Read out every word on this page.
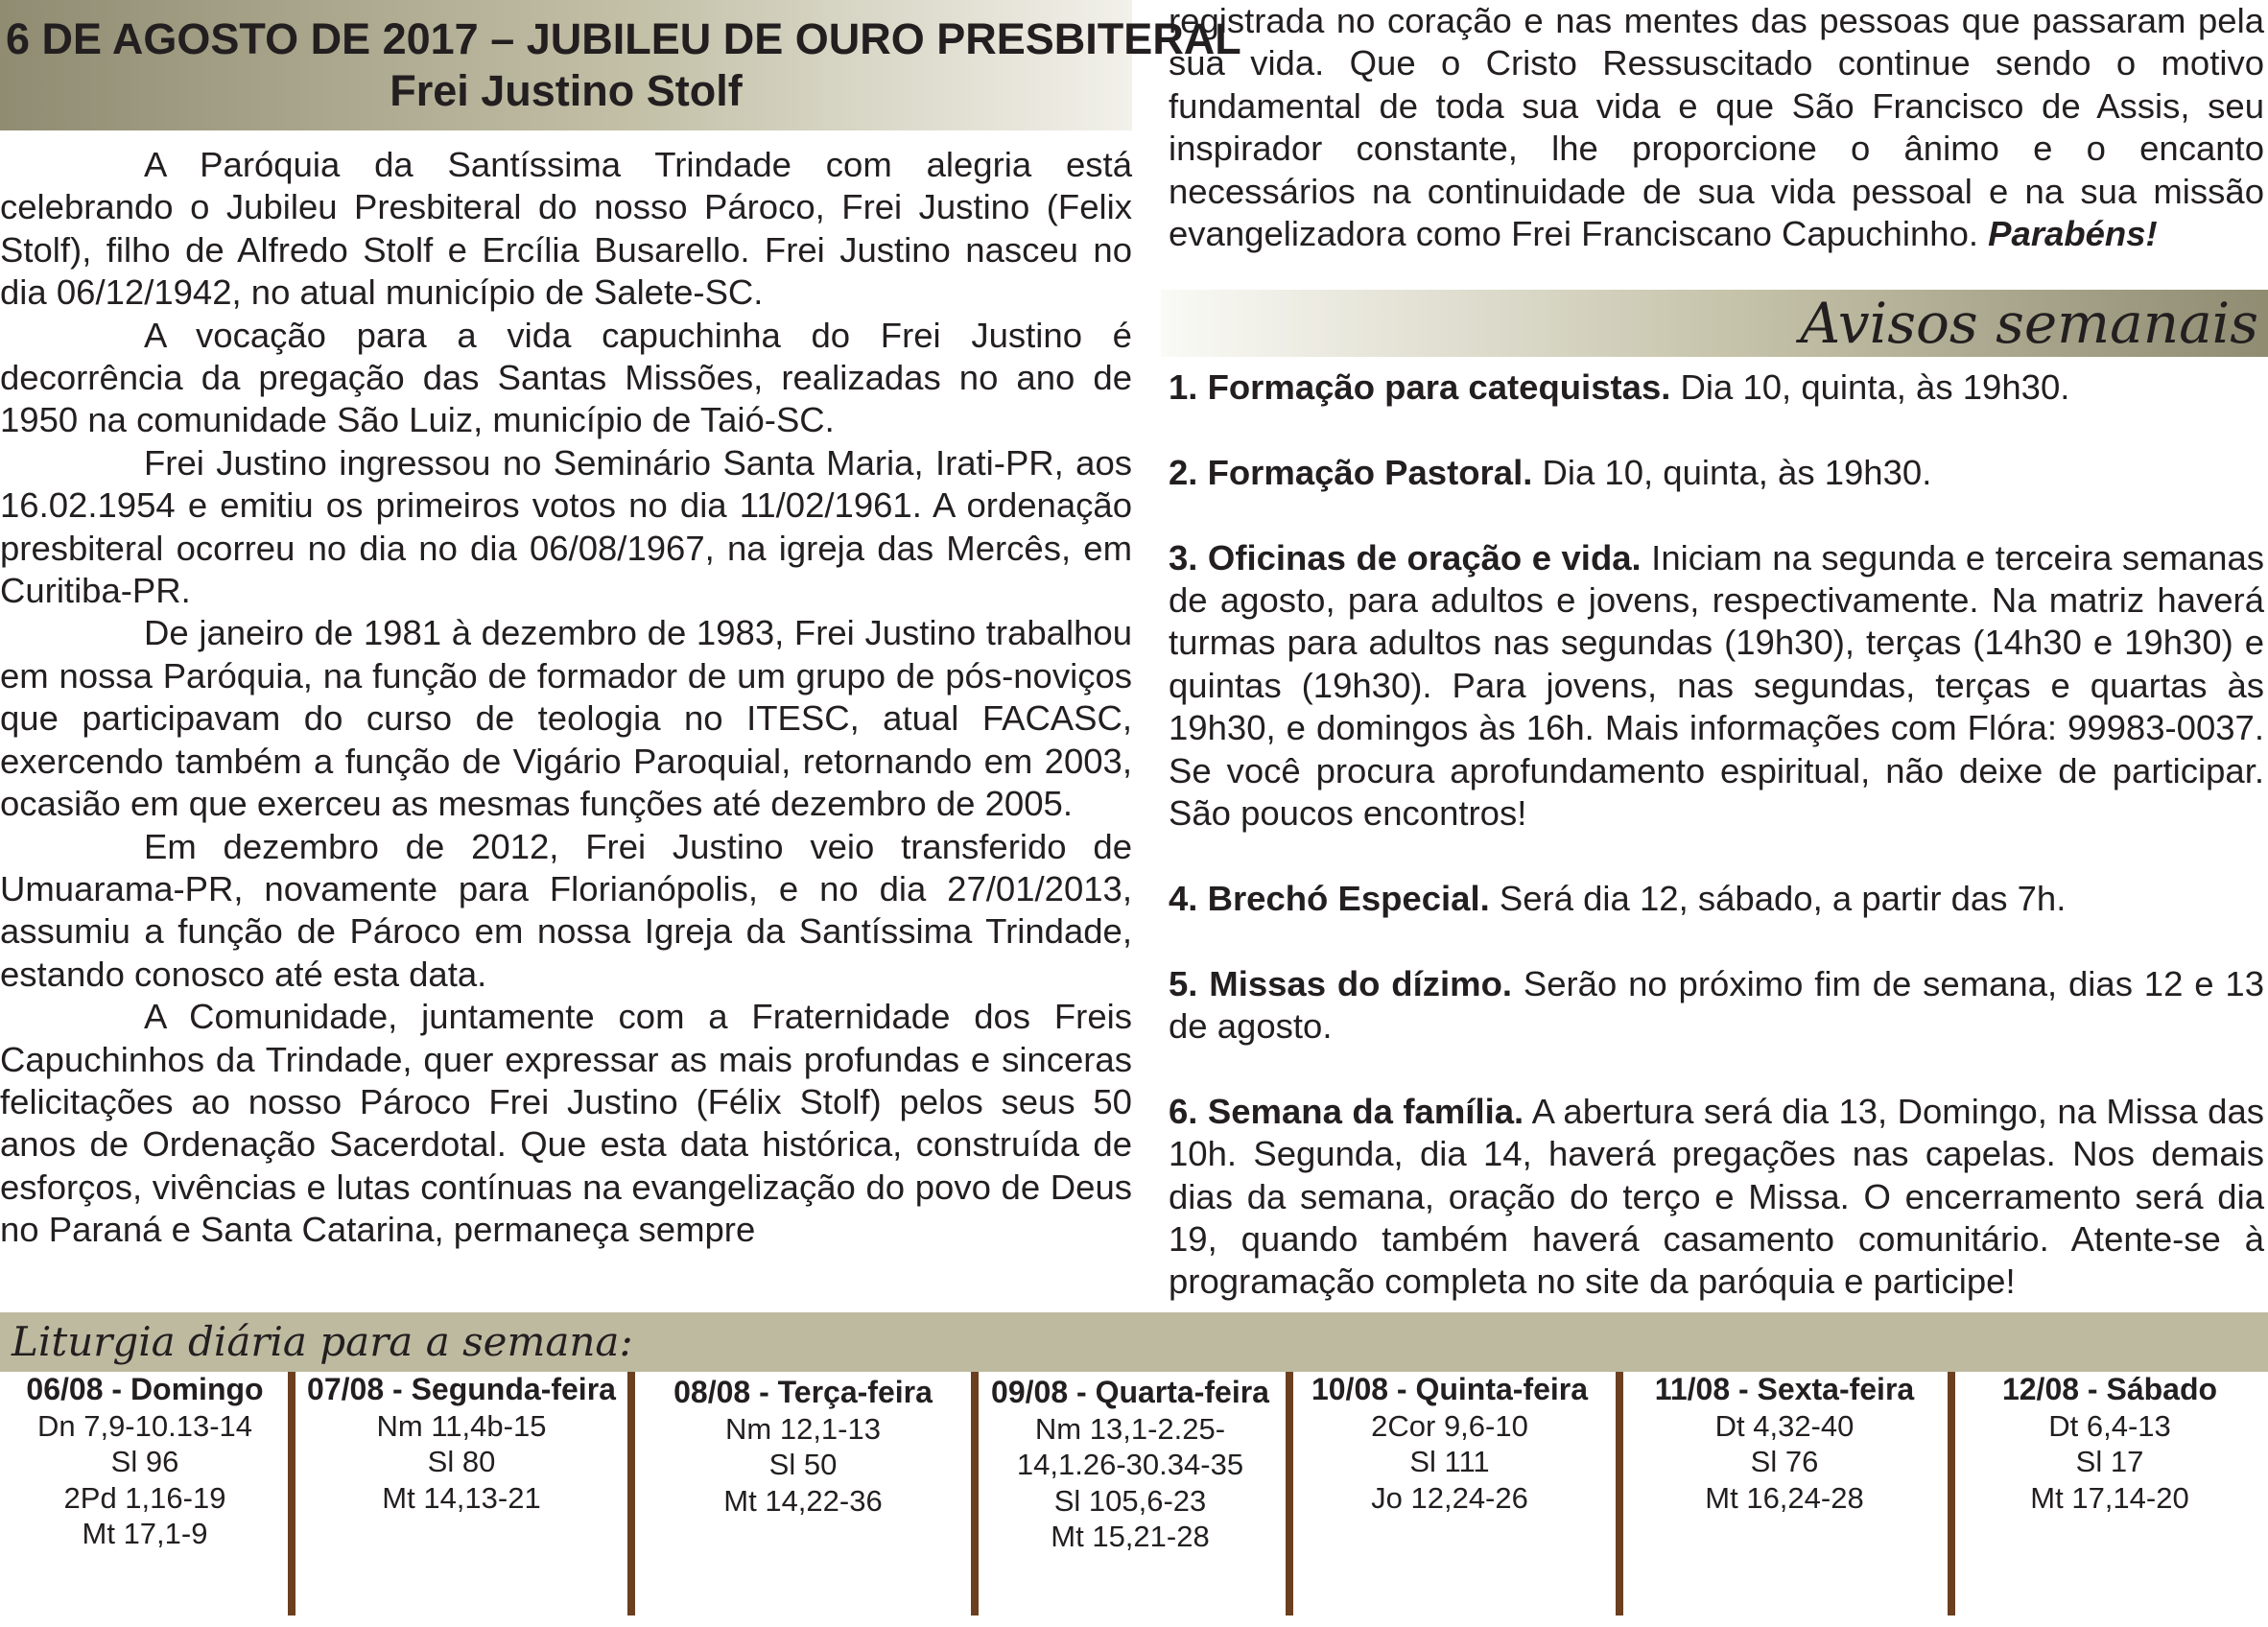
6 DE AGOSTO DE 2017 – JUBILEU DE OURO PRESBITERAL
Frei Justino Stolf

A Paróquia da Santíssima Trindade com alegria está celebrando o Jubileu Presbiteral do nosso Pároco, Frei Justino (Felix Stolf), filho de Alfredo Stolf e Ercília Busarello. Frei Justino nasceu no dia 06/12/1942, no atual município de Salete-SC.

A vocação para a vida capuchinha do Frei Justino é decorrência da pregação das Santas Missões, realizadas no ano de 1950 na comunidade São Luiz, município de Taió-SC.

Frei Justino ingressou no Seminário Santa Maria, Irati-PR, aos 16.02.1954 e emitiu os primeiros votos no dia 11/02/1961. A ordenação presbiteral ocorreu no dia no dia 06/08/1967, na igreja das Mercês, em Curitiba-PR.

De janeiro de 1981 à dezembro de 1983, Frei Justino trabalhou em nossa Paróquia, na função de formador de um grupo de pós-noviços que participavam do curso de teologia no ITESC, atual FACASC, exercendo também a função de Vigário Paroquial, retornando em 2003, ocasião em que exerceu as mesmas funções até dezembro de 2005.

Em dezembro de 2012, Frei Justino veio transferido de Umuarama-PR, novamente para Florianópolis, e no dia 27/01/2013, assumiu a função de Pároco em nossa Igreja da Santíssima Trindade, estando conosco até esta data.

A Comunidade, juntamente com a Fraternidade dos Freis Capuchinhos da Trindade, quer expressar as mais profundas e sinceras felicitações ao nosso Pároco Frei Justino (Félix Stolf) pelos seus 50 anos de Ordenação Sacerdotal. Que esta data histórica, construída de esforços, vivências e lutas contínuas na evangelização do povo de Deus no Paraná e Santa Catarina, permaneça sempre

registrada no coração e nas mentes das pessoas que passaram pela sua vida. Que o Cristo Ressuscitado continue sendo o motivo fundamental de toda sua vida e que São Francisco de Assis, seu inspirador constante, lhe proporcione o ânimo e o encanto necessários na continuidade de sua vida pessoal e na sua missão evangelizadora como Frei Franciscano Capuchinho. Parabéns!

Avisos semanais

1. Formação para catequistas. Dia 10, quinta, às 19h30.

2. Formação Pastoral. Dia 10, quinta, às 19h30.

3. Oficinas de oração e vida. Iniciam na segunda e terceira semanas de agosto, para adultos e jovens, respectivamente. Na matriz haverá turmas para adultos nas segundas (19h30), terças (14h30 e 19h30) e quintas (19h30). Para jovens, nas segundas, terças e quartas às 19h30, e domingos às 16h. Mais informações com Flóra: 99983-0037. Se você procura aprofundamento espiritual, não deixe de participar. São poucos encontros!

4. Brechó Especial. Será dia 12, sábado, a partir das 7h.

5. Missas do dízimo. Serão no próximo fim de semana, dias 12 e 13 de agosto.

6. Semana da família. A abertura será dia 13, Domingo, na Missa das 10h. Segunda, dia 14, haverá pregações nas capelas. Nos demais dias da semana, oração do terço e Missa. O encerramento será dia 19, quando também haverá casamento comunitário. Atente-se à programação completa no site da paróquia e participe!

Liturgia diária para a semana:
06/08 - Domingo
Dn 7,9-10.13-14
Sl 96
2Pd 1,16-19
Mt 17,1-9
07/08 - Segunda-feira
Nm 11,4b-15
Sl 80
Mt 14,13-21
08/08 - Terça-feira
Nm 12,1-13
Sl 50
Mt 14,22-36
09/08 - Quarta-feira
Nm 13,1-2.25-
14,1.26-30.34-35
Sl 105,6-23
Mt 15,21-28
10/08 - Quinta-feira
2Cor 9,6-10
Sl 111
Jo 12,24-26
11/08 - Sexta-feira
Dt 4,32-40
Sl 76
Mt 16,24-28
12/08 - Sábado
Dt 6,4-13
Sl 17
Mt 17,14-20
